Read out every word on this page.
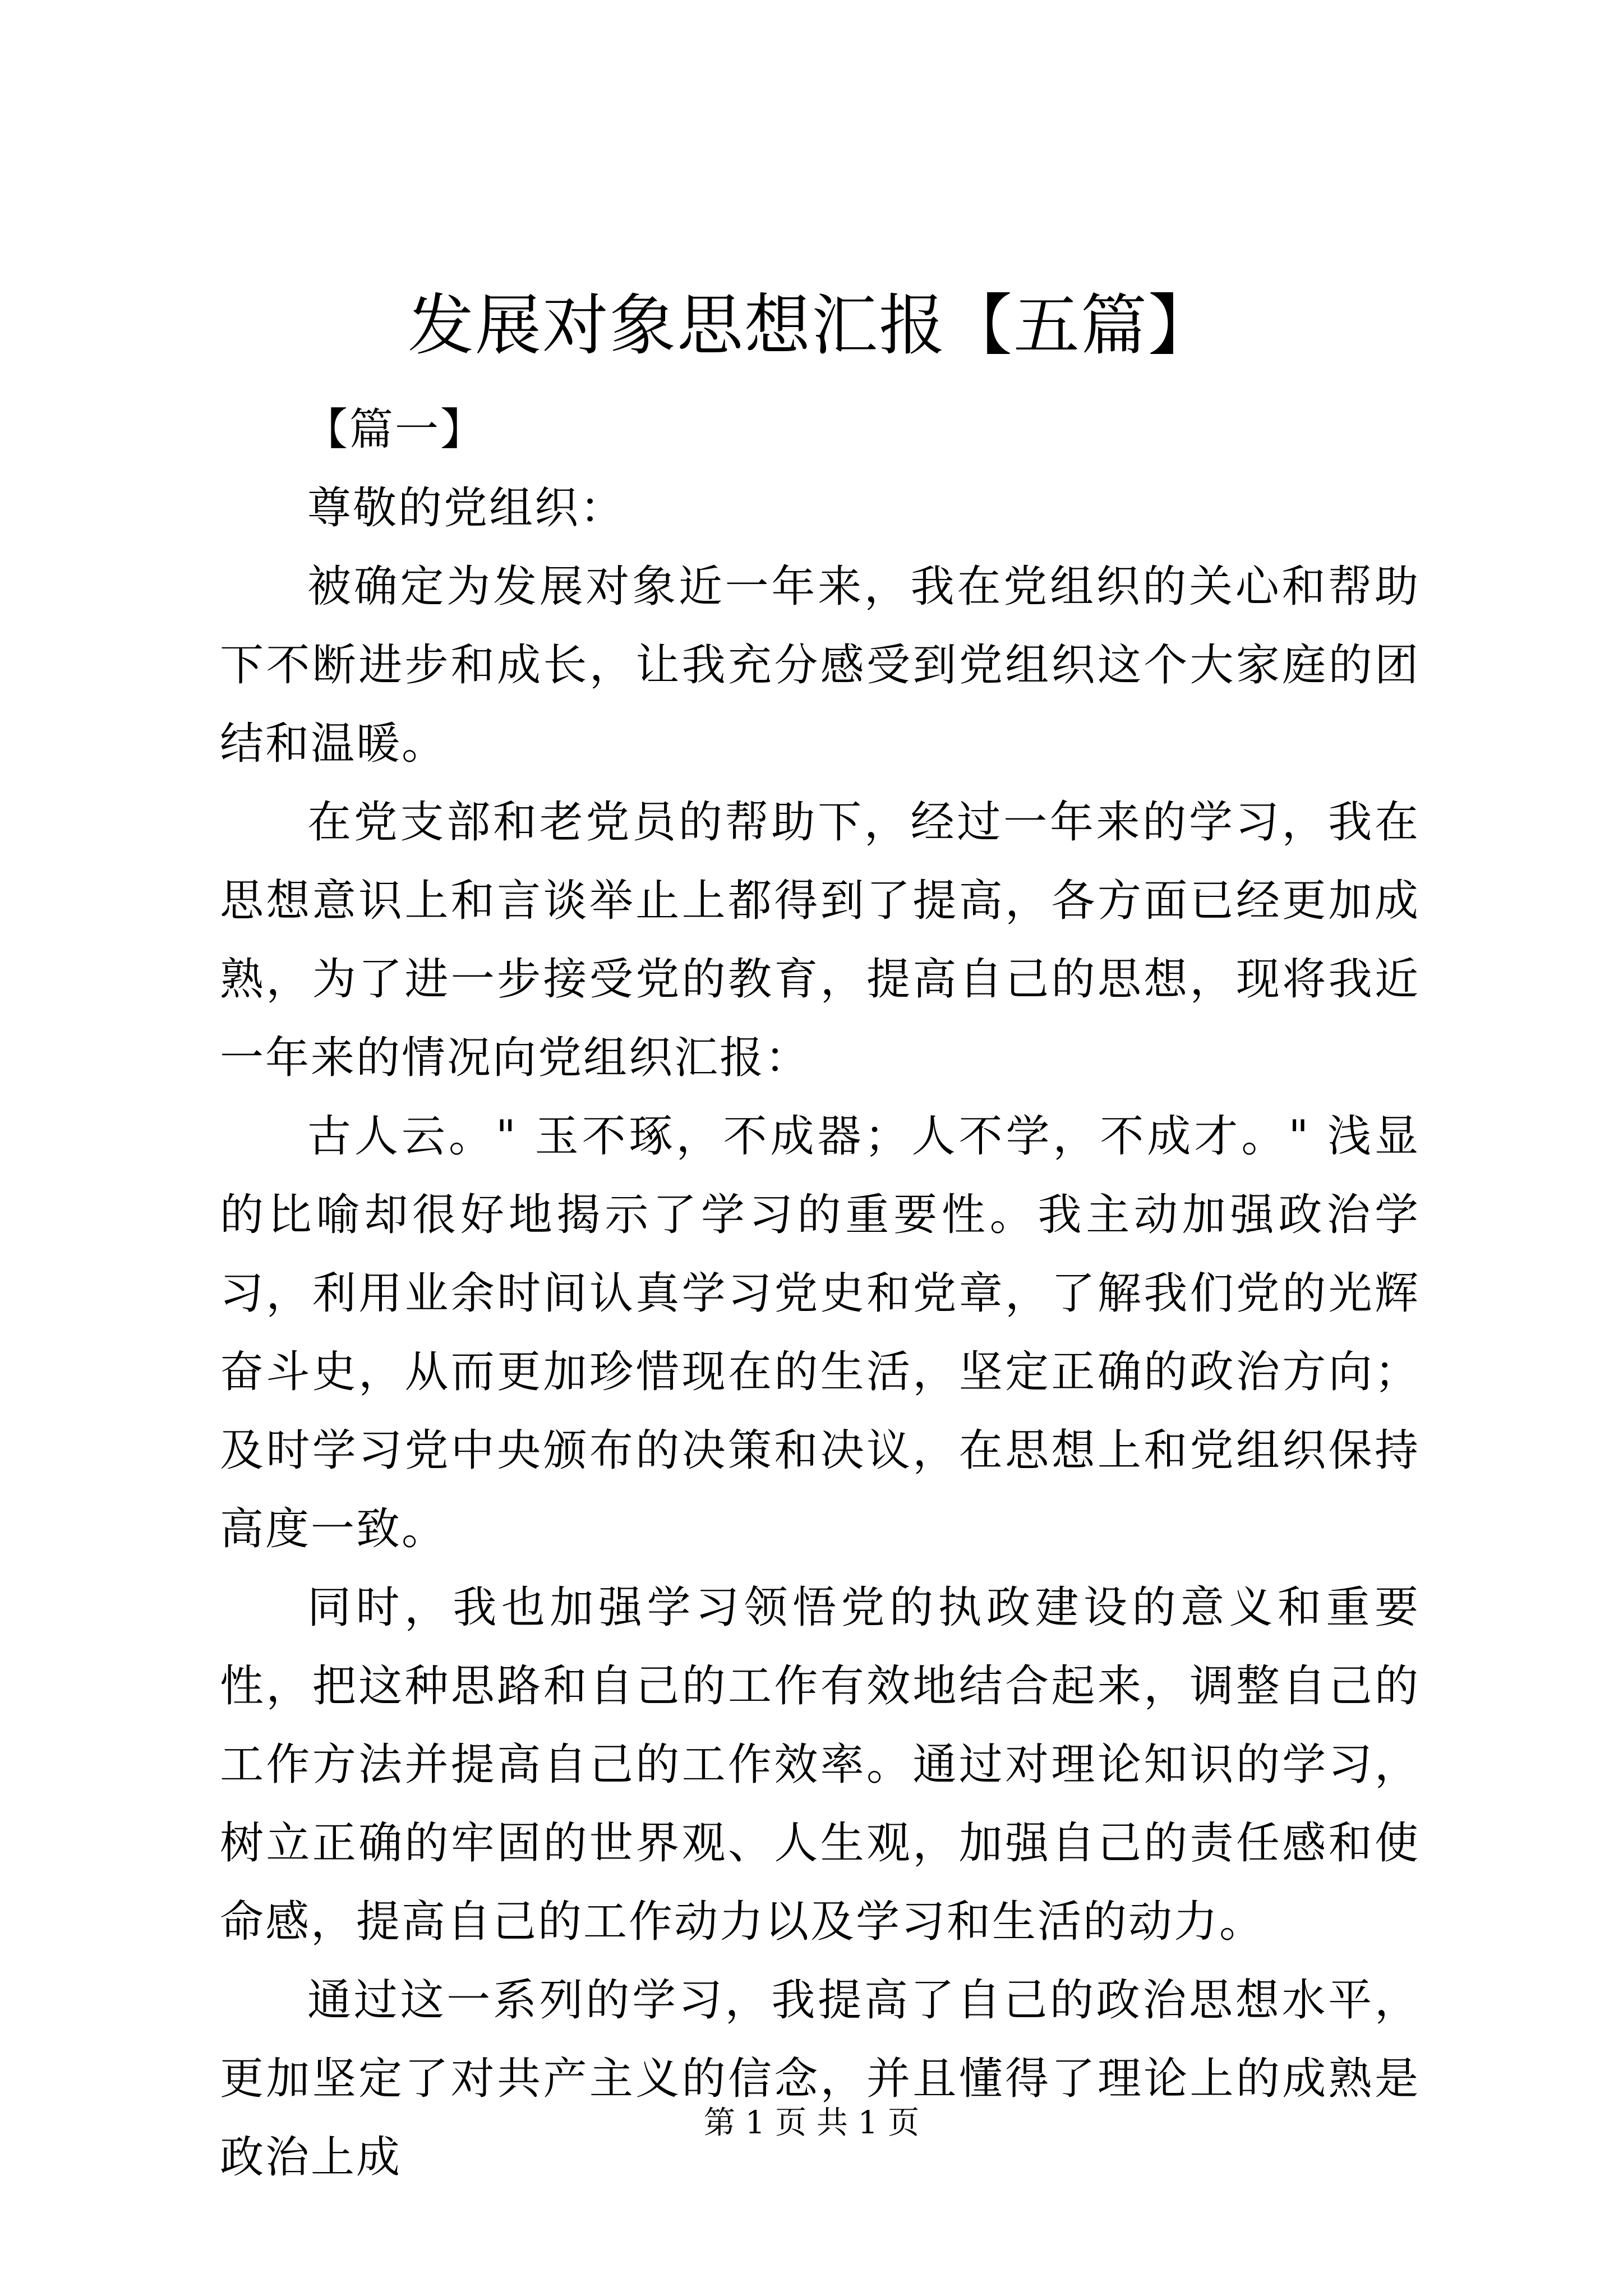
发展对象思想汇报【五篇】

【篇一】

尊敬的党组织：

被确定为发展对象近一年来，我在党组织的关心和帮助下不断进步和成长，让我充分感受到党组织这个大家庭的团结和温暖。

在党支部和老党员的帮助下，经过一年来的学习，我在思想意识上和言谈举止上都得到了提高，各方面已经更加成熟，为了进一步接受党的教育，提高自己的思想，现将我近一年来的情况向党组织汇报：

古人云。" 玉不琢，不成器；人不学，不成才。" 浅显的比喻却很好地揭示了学习的重要性。我主动加强政治学习，利用业余时间认真学习党史和党章，了解我们党的光辉奋斗史，从而更加珍惜现在的生活，坚定正确的政治方向；及时学习党中央颁布的决策和决议，在思想上和党组织保持高度一致。

同时，我也加强学习领悟党的执政建设的意义和重要性，把这种思路和自己的工作有效地结合起来，调整自己的工作方法并提高自己的工作效率。通过对理论知识的学习，树立正确的牢固的世界观、人生观，加强自己的责任感和使命感，提高自己的工作动力以及学习和生活的动力。

通过这一系列的学习，我提高了自己的政治思想水平，更加坚定了对共产主义的信念，并且懂得了理论上的成熟是政治上成

第 1 页 共 1 页
